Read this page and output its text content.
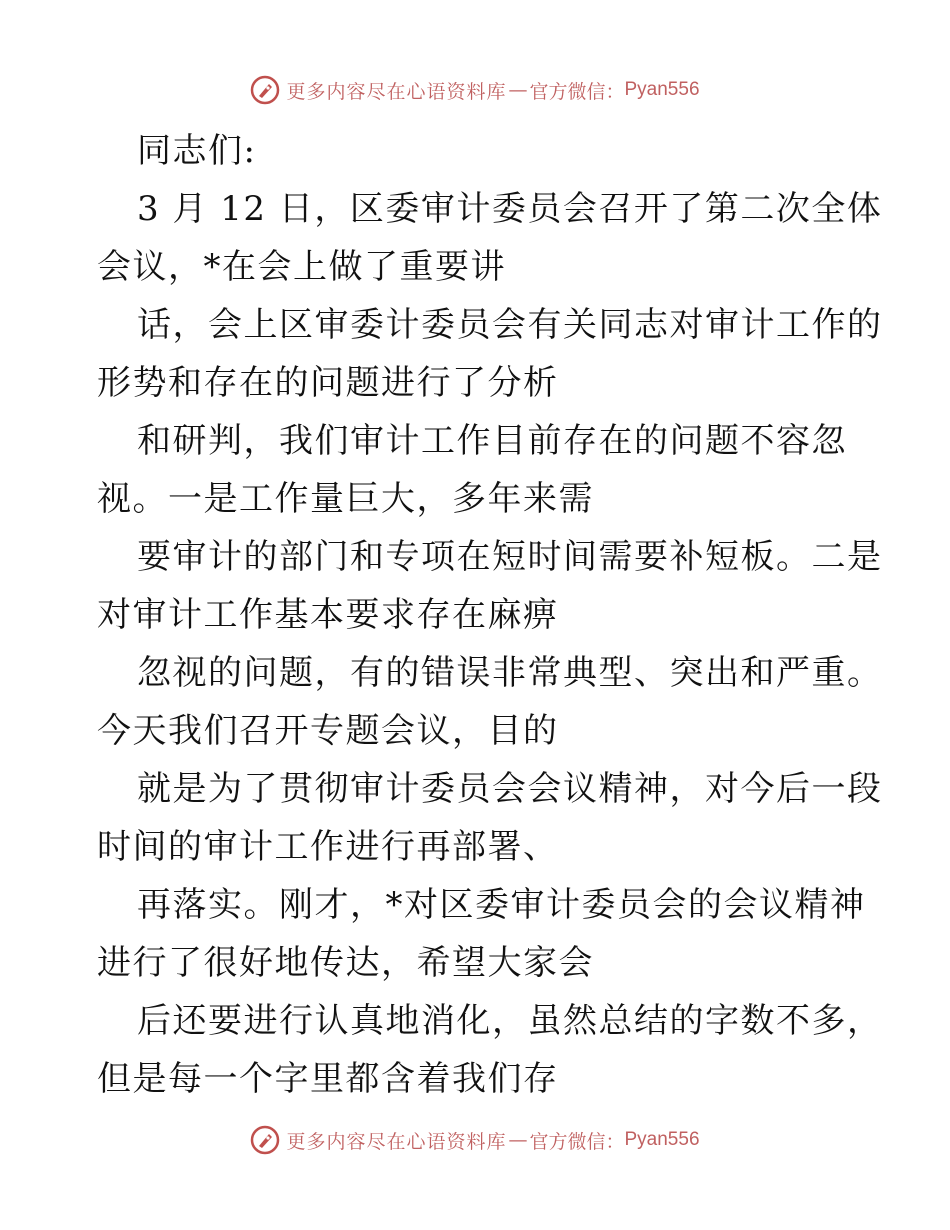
更多内容尽在心语资料库 — 官方微信： Pyan556
同志们:
3 月 12 日，区委审计委员会召开了第二次全体
会议，*在会上做了重要讲
话，会上区审委计委员会有关同志对审计工作的
形势和存在的问题进行了分析
和研判，我们审计工作目前存在的问题不容忽
视。一是工作量巨大，多年来需
要审计的部门和专项在短时间需要补短板。二是
对审计工作基本要求存在麻痹
忽视的问题，有的错误非常典型、突出和严重。
今天我们召开专题会议，目的
就是为了贯彻审计委员会会议精神，对今后一段
时间的审计工作进行再部署、
再落实。刚才，*对区委审计委员会的会议精神
进行了很好地传达，希望大家会
后还要进行认真地消化，虽然总结的字数不多，
但是每一个字里都含着我们存
更多内容尽在心语资料库 — 官方微信： Pyan556
